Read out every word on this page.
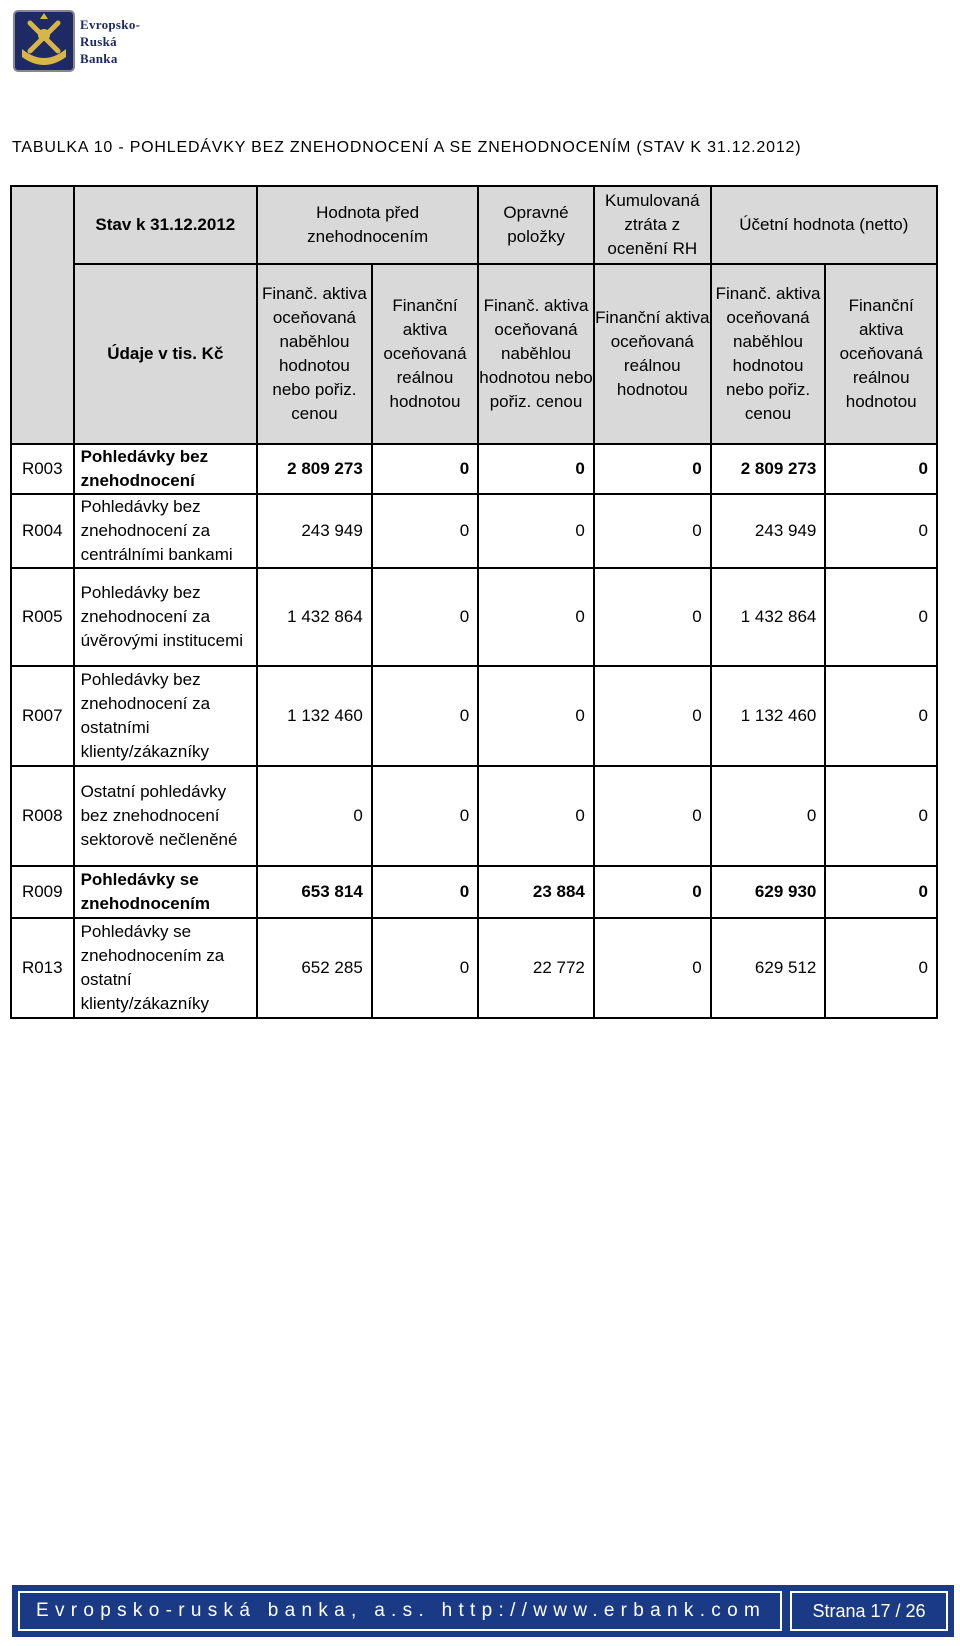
Evropsko-
Ruská
Banka
TABULKA 10 - POHLEDÁVKY BEZ ZNEHODNOCENÍ A SE ZNEHODNOCENÍM (STAV K 31.12.2012)
	Stav k 31.12.2012	Hodnota před znehodnocením		Opravné položky	Kumulovaná ztráta z ocenění RH	Účetní hodnota (netto)	
	Údaje v tis. Kč	Finanč. aktiva oceňovaná naběhlou hodnotou nebo pořiz. cenou	Finanční aktiva oceňovaná reálnou hodnotou	Finanč. aktiva oceňovaná naběhlou hodnotou nebo pořiz. cenou	Finanční aktiva oceňovaná reálnou hodnotou	Finanč. aktiva oceňovaná naběhlou hodnotou nebo pořiz. cenou	Finanční aktiva oceňovaná reálnou hodnotou
R003	Pohledávky bez znehodnocení	2 809 273	0	0	0	2 809 273	0
R004	Pohledávky bez znehodnocení za centrálními bankami	243 949	0	0	0	243 949	0
R005	Pohledávky bez znehodnocení za úvěrovými institucemi	1 432 864	0	0	0	1 432 864	0
R007	Pohledávky bez znehodnocení za ostatními klienty/zákazníky	1 132 460	0	0	0	1 132 460	0
R008	Ostatní pohledávky bez znehodnocení sektorově nečleněné	0	0	0	0	0	0
R009	Pohledávky se znehodnocením	653 814	0	23 884	0	629 930	0
R013	Pohledávky se znehodnocením za ostatní klienty/zákazníky	652 285	0	22 772	0	629 512	0
Evropsko-ruská banka, a.s. http://www.erbank.com	Strana 17 / 26
